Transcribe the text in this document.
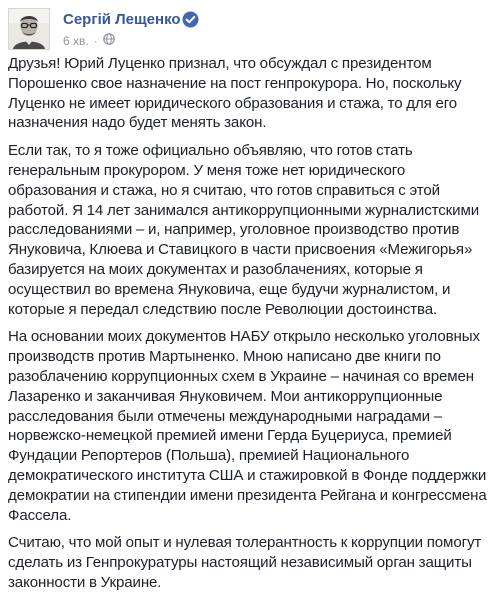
Сергій Лещенко
6 хв. ·

Друзья! Юрий Луценко признал, что обсуждал с президентом Порошенко свое назначение на пост генпрокурора. Но, поскольку Луценко не имеет юридического образования и стажа, то для его назначения надо будет менять закон.

Если так, то я тоже официально объявляю, что готов стать генеральным прокурором. У меня тоже нет юридического образования и стажа, но я считаю, что готов справиться с этой работой. Я 14 лет занимался антикоррупционными журналистскими расследованиями – и, например, уголовное производство против Януковича, Клюева и Ставицкого в части присвоения «Межигорья» базируется на моих документах и разоблачениях, которые я осуществил во времена Януковича, еще будучи журналистом, и которые я передал следствию после Революции достоинства.

На основании моих документов НАБУ открыло несколько уголовных производств против Мартыненко. Мною написано две книги по разоблачению коррупционных схем в Украине – начиная со времен Лазаренко и заканчивая Януковичем. Мои антикоррупционные расследования были отмечены международными наградами – норвежско-немецкой премией имени Герда Буцериуса, премией Фундации Репортеров (Польша), премией Национального демократического института США и стажировкой в Фонде поддержки демократии на стипендии имени президента Рейгана и конгрессмена Фассела.

Считаю, что мой опыт и нулевая толерантность к коррупции помогут сделать из Генпрокуратуры настоящий независимый орган защиты законности в Украине.
